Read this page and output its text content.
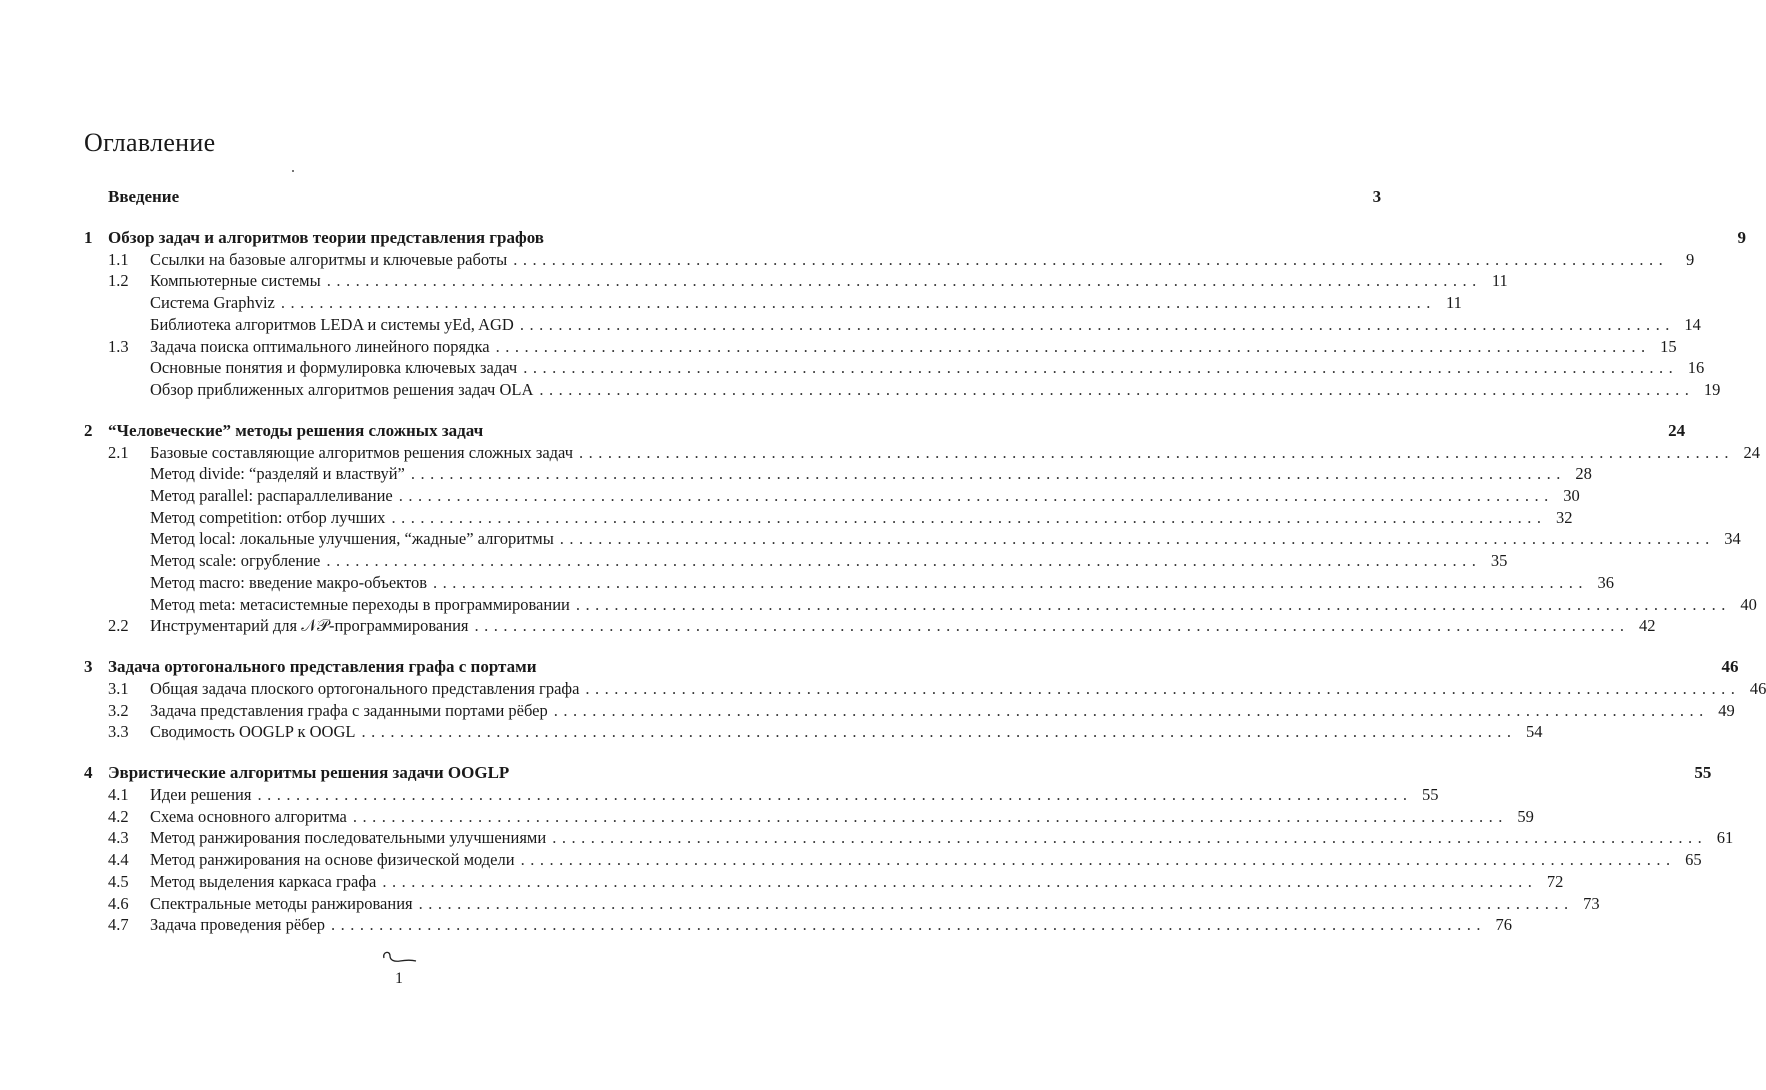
Оглавление
Введение	3
1 Обзор задач и алгоритмов теории представления графов	9
1.1	Ссылки на базовые алгоритмы и ключевые работы ........................................................................................................................	9
1.2	Компьютерные системы ........................................................................................................................ 11
Система Graphviz ........................................................................................................................ 11
Библиотека алгоритмов LEDA и системы yEd, AGD ........................................................................................................................ 14
1.3	Задача поиска оптимального линейного порядка ........................................................................................................................ 15
Основные понятия и формулировка ключевых задач ........................................................................................................................ 16
Обзор приближенных алгоритмов решения задач OLA ........................................................................................................................ 19
2 “Человеческие” методы решения сложных задач	24
2.1	Базовые составляющие алгоритмов решения сложных задач ........................................................................................................................ 24
Метод divide: “разделяй и властвуй” ........................................................................................................................ 28
Метод parallel: распараллеливание ........................................................................................................................ 30
Метод competition: отбор лучших ........................................................................................................................ 32
Метод local: локальные улучшения, “жадные” алгоритмы ........................................................................................................................ 34
Метод scale: огрубление ........................................................................................................................ 35
Метод macro: введение макро-объектов ........................................................................................................................ 36
Метод meta: метасистемные переходы в программировании ........................................................................................................................ 40
2.2	Инструментарий для 𝒩𝒫-программирования ........................................................................................................................ 42
3 Задача ортогонального представления графа с портами	46
3.1	Общая задача плоского ортогонального представления графа ........................................................................................................................ 46
3.2	Задача представления графа с заданными портами рёбер ........................................................................................................................ 49
3.3	Сводимость OOGLP к OOGL ........................................................................................................................ 54
4 Эвристические алгоритмы решения задачи OOGLP	55
4.1	Идеи решения ........................................................................................................................ 55
4.2	Схема основного алгоритма ........................................................................................................................ 59
4.3	Метод ранжирования последовательными улучшениями ........................................................................................................................ 61
4.4	Метод ранжирования на основе физической модели ........................................................................................................................ 65
4.5	Метод выделения каркаса графа ........................................................................................................................ 72
4.6	Спектральные методы ранжирования ........................................................................................................................ 73
4.7	Задача проведения рёбер ........................................................................................................................ 76
1
